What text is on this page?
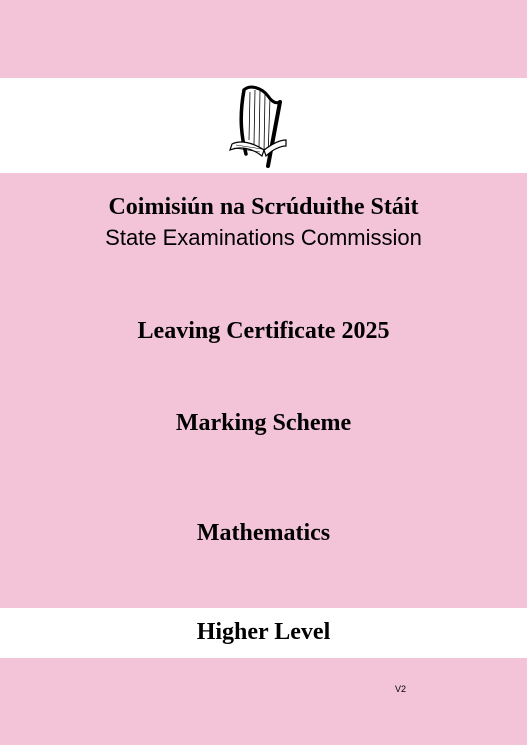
Coimisiún na Scrúduithe Stáit
State Examinations Commission
Leaving Certificate 2025
Marking Scheme
Mathematics
Higher Level
V2
